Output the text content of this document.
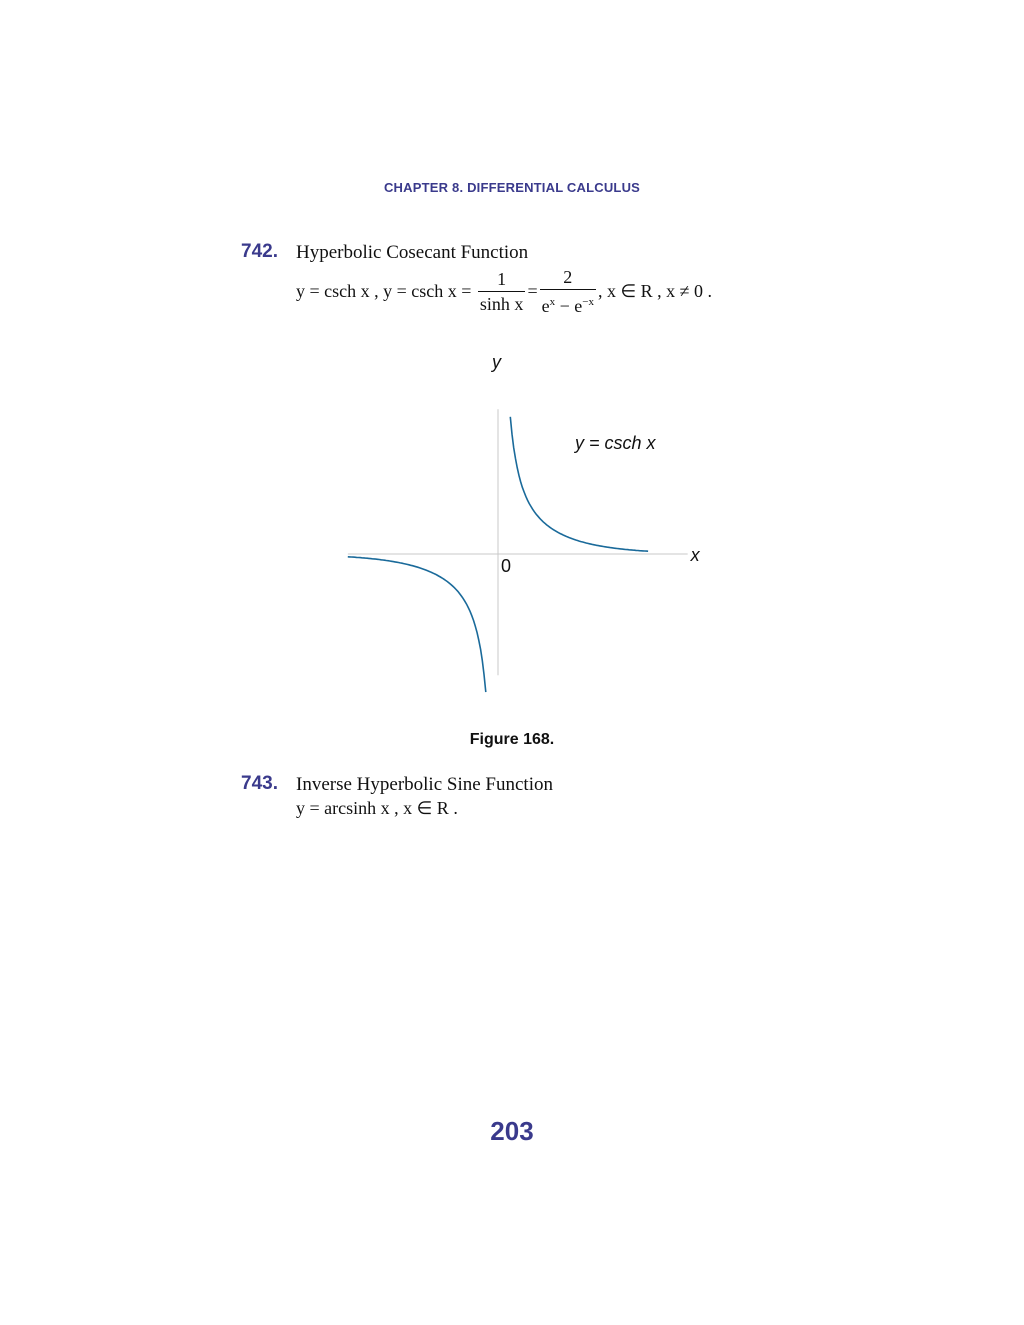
CHAPTER 8. DIFFERENTIAL CALCULUS
742. Hyperbolic Cosecant Function
y = csch x , y = csch $x = \frac{1}{\text{sinh x}} = \frac{2}{e^x - e^{-x}}$ , x ∈ R , x ≠ 0 .
x
y
0
y = csch x
Figure 168.
743. Inverse Hyperbolic Sine Function
y = arcsinh x , x ∈ R .
203
